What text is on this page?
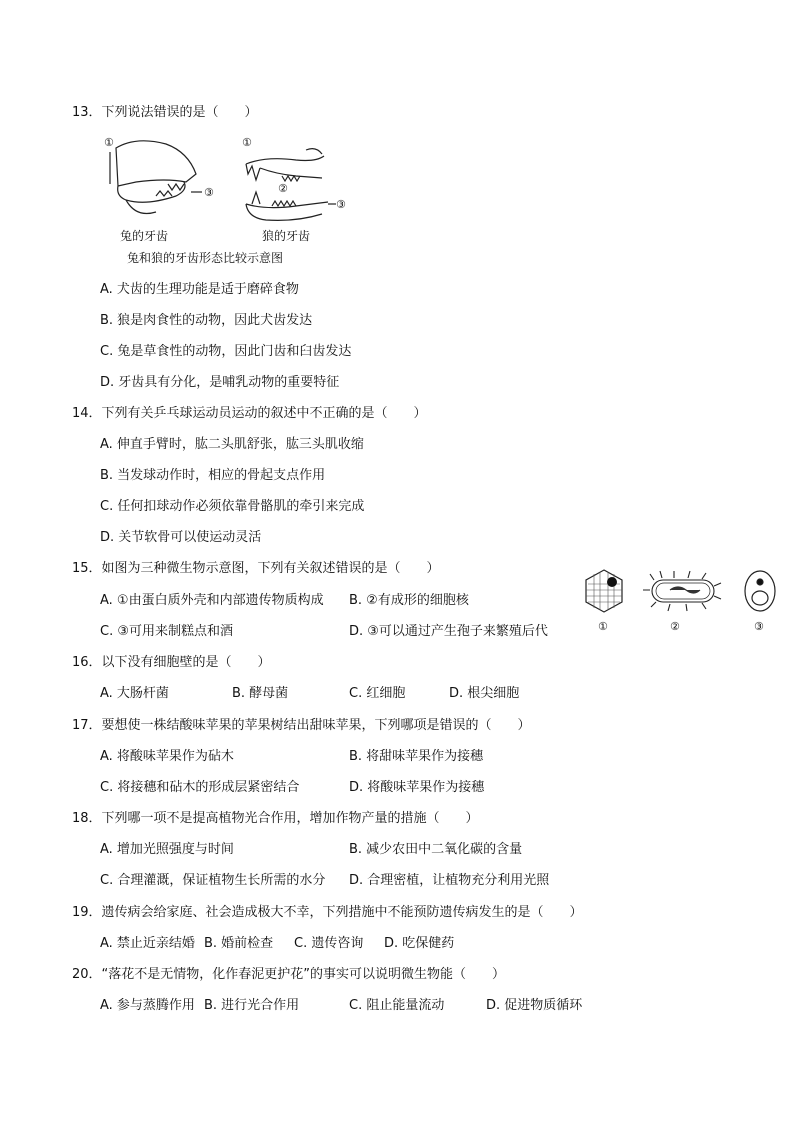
13．下列说法错误的是（　　）
①
③
①
②
③
兔的牙齿	狼的牙齿
兔和狼的牙齿形态比较示意图
A. 犬齿的生理功能是适于磨碎食物
B. 狼是肉食性的动物，因此犬齿发达
C. 兔是草食性的动物，因此门齿和臼齿发达
D. 牙齿具有分化，是哺乳动物的重要特征
14．下列有关乒乓球运动员运动的叙述中不正确的是（　　）
A. 伸直手臂时，肱二头肌舒张，肱三头肌收缩
B. 当发球动作时，相应的骨起支点作用
C. 任何扣球动作必须依靠骨骼肌的牵引来完成
D. 关节软骨可以使运动灵活
15．如图为三种微生物示意图，下列有关叙述错误的是（　　）
A. ①由蛋白质外壳和内部遗传物质构成 B. ②有成形的细胞核
C. ③可用来制糕点和酒	D. ③可以通过产生孢子来繁殖后代	①	②	③
16．以下没有细胞壁的是（　　）
A. 大肠杆菌	B. 酵母菌	C. 红细胞	D. 根尖细胞
17．要想使一株结酸味苹果的苹果树结出甜味苹果，下列哪项是错误的（　　）
A. 将酸味苹果作为砧木	B. 将甜味苹果作为接穗
C. 将接穗和砧木的形成层紧密结合	D. 将酸味苹果作为接穗
18．下列哪一项不是提高植物光合作用，增加作物产量的措施（　　）
A. 增加光照强度与时间	B. 减少农田中二氧化碳的含量
C. 合理灌溉，保证植物生长所需的水分 D. 合理密植，让植物充分利用光照
19．遗传病会给家庭、社会造成极大不幸，下列措施中不能预防遗传病发生的是（　　）
A. 禁止近亲结婚 B. 婚前检查 C. 遗传咨询 D. 吃保健药
20．“落花不是无情物，化作春泥更护花”的事实可以说明微生物能（　　）
A. 参与蒸腾作用 B. 进行光合作用	C. 阻止能量流动	D. 促进物质循环
